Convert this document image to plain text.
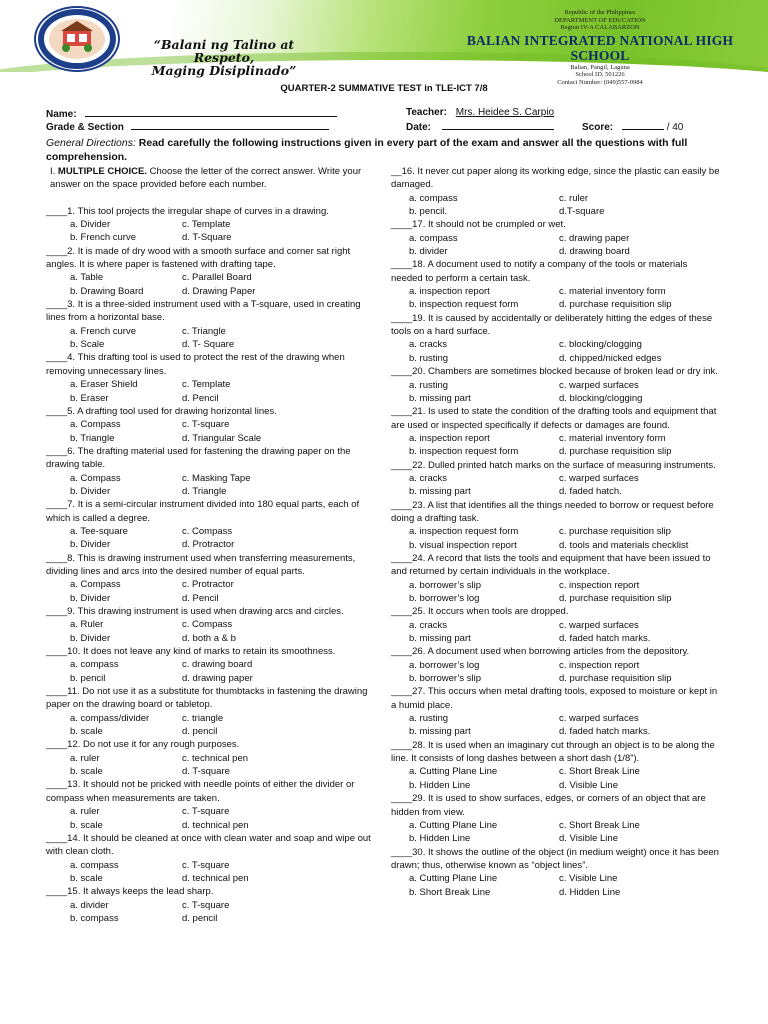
“Balani ng Talino at Respeto,
Maging Disiplinado”
Republic of the Philippines
DEPARTMENT OF EDUCATION
Region IV-A CALABARZON
BALIAN INTEGRATED NATIONAL HIGH SCHOOL
Balian, Pangil, Laguna
School ID. 501226
Contact Number: (049)557-0984
QUARTER-2 SUMMATIVE TEST in TLE-ICT 7/8
Name:
Grade & Section
Teacher: Mrs. Heidee S. Carpio
Date:	Score:	/ 40
General Directions: Read carefully the following instructions given in every part of the exam and answer all the questions with full comprehension.

I. MULTIPLE CHOICE. Choose the letter of the correct answer. Write your answer on the space provided before each number.

____1. This tool projects the irregular shape of curves in a drawing.

a. Divider	c. Template
b. French curve	d. T-Square

____2. It is made of dry wood with a smooth surface and corner sat right angles. It is where paper is fastened with drafting tape.

a. Table	c. Parallel Board
b. Drawing Board	d. Drawing Paper

____3. It is a three-sided instrument used with a T-square, used in creating lines from a horizontal base.

a. French curve	c. Triangle
b. Scale	d. T- Square

____4. This drafting tool is used to protect the rest of the drawing when removing unnecessary lines.

a. Eraser Shield	c. Template
b. Eraser	d. Pencil

____5. A drafting tool used for drawing horizontal lines.

a. Compass	c. T-square
b. Triangle	d. Triangular Scale

____6. The drafting material used for fastening the drawing paper on the drawing table.

a. Compass	c. Masking Tape
b. Divider	d. Triangle

____7. It is a semi-circular instrument divided into 180 equal parts, each of which is called a degree.

a. Tee-square	c. Compass
b. Divider	d. Protractor

____8. This is drawing instrument used when transferring measurements, dividing lines and arcs into the desired number of equal parts.

a. Compass	c. Protractor
b. Divider	d. Pencil

____9. This drawing instrument is used when drawing arcs and circles.

a. Ruler	c. Compass
b. Divider	d. both a & b

____10. It does not leave any kind of marks to retain its smoothness.

a. compass	c. drawing board
b. pencil	d. drawing paper

____11. Do not use it as a substitute for thumbtacks in fastening the drawing paper on the drawing board or tabletop.

a. compass/divider	c. triangle
b. scale	d. pencil

____12. Do not use it for any rough purposes.

a. ruler	c. technical pen
b. scale	d. T-square

____13. It should not be pricked with needle points of either the divider or compass when measurements are taken.

a. ruler	c. T-square
b. scale	d. technical pen

____14. It should be cleaned at once with clean water and soap and wipe out with clean cloth.

a. compass	c. T-square
b. scale	d. technical pen

____15. It always keeps the lead sharp.

a. divider	c. T-square
b. compass	d. pencil

__16. It never cut paper along its working edge, since the plastic can easily be damaged.

a. compass	c. ruler
b. pencil.	d.T-square

____17. It should not be crumpled or wet.

a. compass	c. drawing paper
b. divider	d. drawing board

____18. A document used to notify a company of the tools or materials needed to perform a certain task.

a. inspection report	c. material inventory form
b. inspection request form	d. purchase requisition slip

____19. It is caused by accidentally or deliberately hitting the edges of these tools on a hard surface.

a. cracks	c. blocking/clogging
b. rusting	d. chipped/nicked edges

____20. Chambers are sometimes blocked because of broken lead or dry ink.

a. rusting	c. warped surfaces
b. missing part	d. blocking/clogging

____21. Is used to state the condition of the drafting tools and equipment that are used or inspected specifically if defects or damages are found.

a. inspection report	c. material inventory form
b. inspection request form	d. purchase requisition slip

____22. Dulled printed hatch marks on the surface of measuring instruments.

a. cracks	c. warped surfaces
b. missing part	d. faded hatch.

____23. A list that identifies all the things needed to borrow or request before doing a drafting task.

a. inspection request form	c. purchase requisition slip
b. visual inspection report	d. tools and materials checklist

____24. A record that lists the tools and equipment that have been issued to and returned by certain individuals in the workplace.

a. borrower’s slip	c. inspection report
b. borrower’s log	d. purchase requisition slip

____25. It occurs when tools are dropped.

a. cracks	c. warped surfaces
b. missing part	d. faded hatch marks.

____26. A document used when borrowing articles from the depository.

a. borrower’s log	c. inspection report
b. borrower’s slip	d. purchase requisition slip

____27. This occurs when metal drafting tools, exposed to moisture or kept in a humid place.

a. rusting	c. warped surfaces
b. missing part	d. faded hatch marks.

____28. It is used when an imaginary cut through an object is to be along the line. It consists of long dashes between a short dash (1/8”).

a. Cutting Plane Line	c. Short Break Line
b. Hidden Line	d. Visible Line

____29. It is used to show surfaces, edges, or corners of an object that are hidden from view.

a. Cutting Plane Line	c. Short Break Line
b. Hidden Line	d. Visible Line

____30. It shows the outline of the object (in medium weight) once it has been drawn; thus, otherwise known as “object lines”.

a. Cutting Plane Line	c. Visible Line
b. Short Break Line	d. Hidden Line
